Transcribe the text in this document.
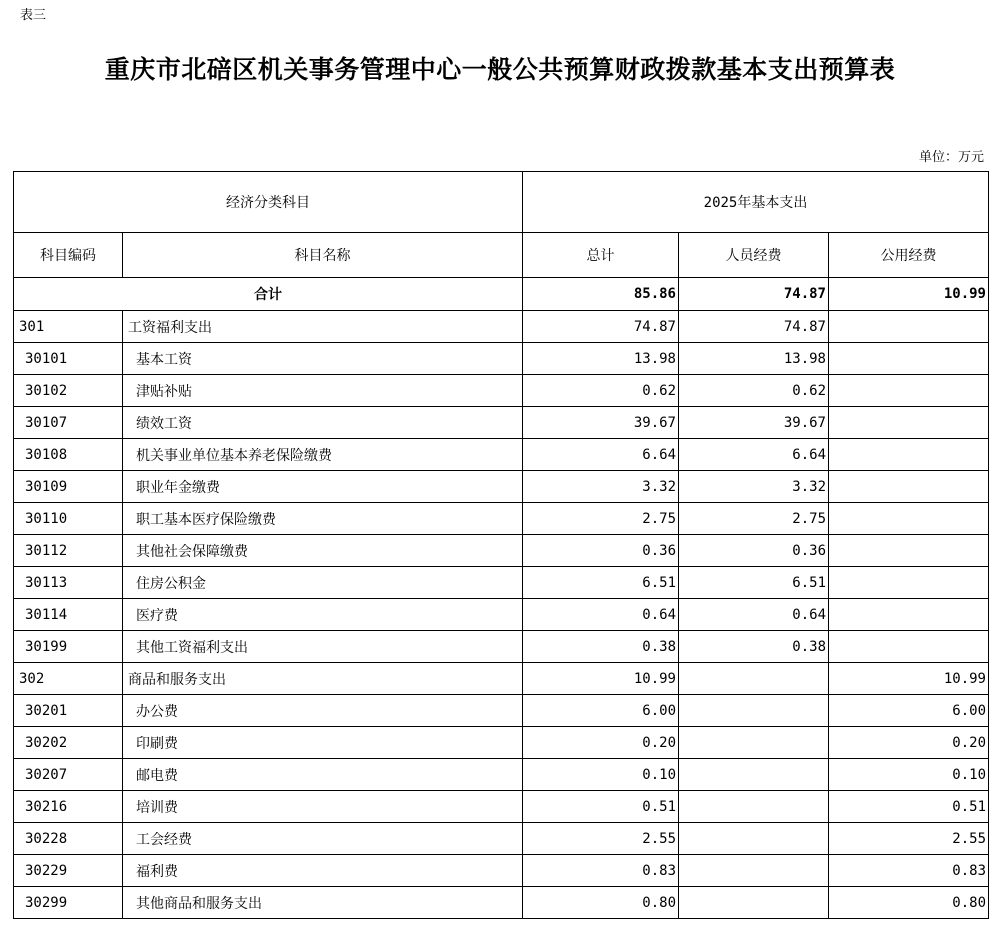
表三
重庆市北碚区机关事务管理中心一般公共预算财政拨款基本支出预算表
单位：万元
经济分类科目		2025年基本支出		
科目编码	科目名称	总计	人员经费	公用经费
合计		85.86	74.87	10.99
301	工资福利支出	74.87	74.87	
30101	基本工资	13.98	13.98	
30102	津贴补贴	0.62	0.62	
30107	绩效工资	39.67	39.67	
30108	机关事业单位基本养老保险缴费	6.64	6.64	
30109	职业年金缴费	3.32	3.32	
30110	职工基本医疗保险缴费	2.75	2.75	
30112	其他社会保障缴费	0.36	0.36	
30113	住房公积金	6.51	6.51	
30114	医疗费	0.64	0.64	
30199	其他工资福利支出	0.38	0.38	
302	商品和服务支出	10.99		10.99
30201	办公费	6.00		6.00
30202	印刷费	0.20		0.20
30207	邮电费	0.10		0.10
30216	培训费	0.51		0.51
30228	工会经费	2.55		2.55
30229	福利费	0.83		0.83
30299	其他商品和服务支出	0.80		0.80
